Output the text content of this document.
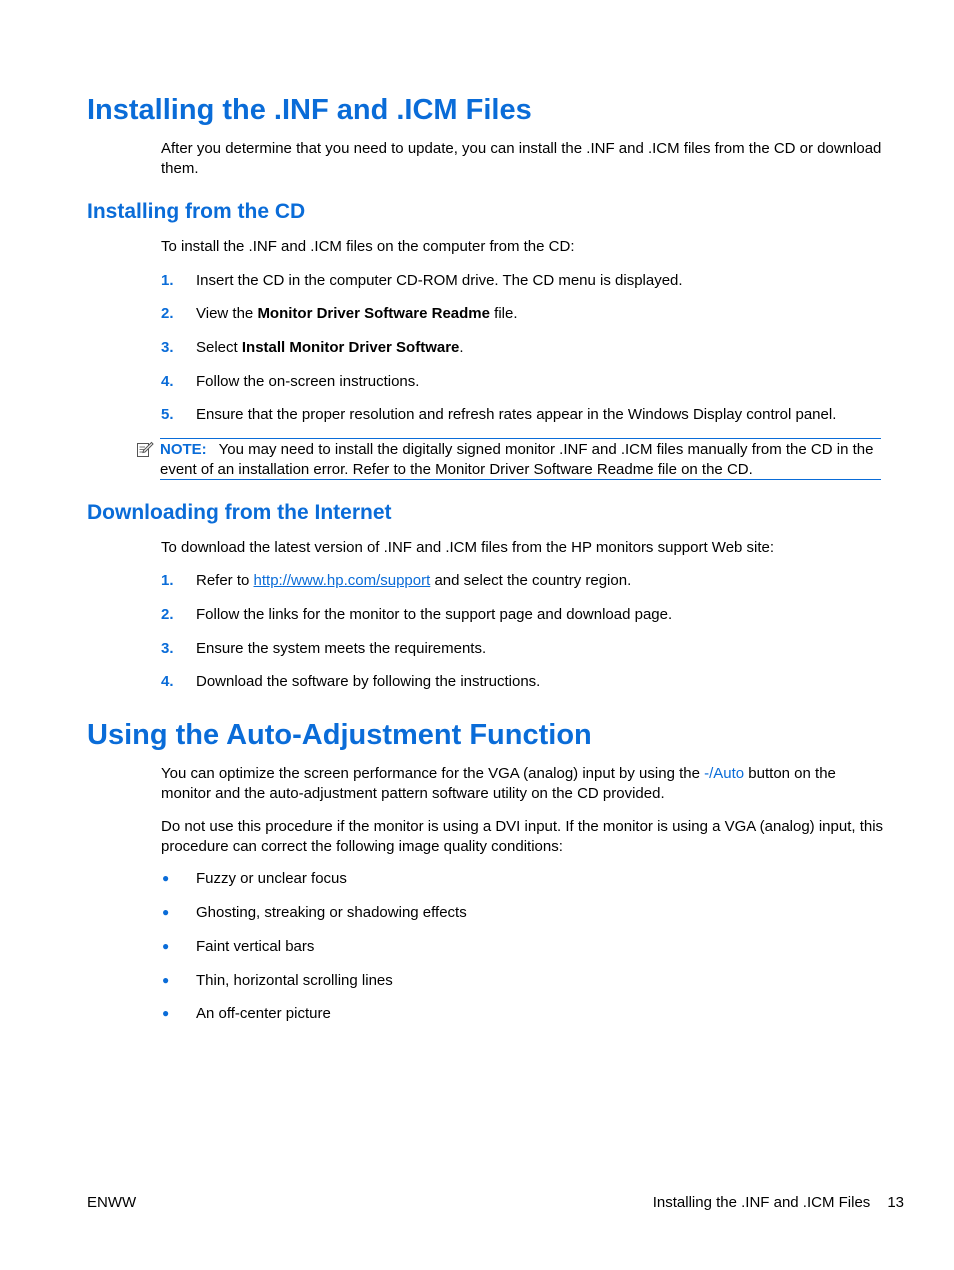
Installing the .INF and .ICM Files
After you determine that you need to update, you can install the .INF and .ICM files from the CD or download them.
Installing from the CD
To install the .INF and .ICM files on the computer from the CD:
1. Insert the CD in the computer CD-ROM drive. The CD menu is displayed.
2. View the Monitor Driver Software Readme file.
3. Select Install Monitor Driver Software.
4. Follow the on-screen instructions.
5. Ensure that the proper resolution and refresh rates appear in the Windows Display control panel.
NOTE: You may need to install the digitally signed monitor .INF and .ICM files manually from the CD in the event of an installation error. Refer to the Monitor Driver Software Readme file on the CD.
Downloading from the Internet
To download the latest version of .INF and .ICM files from the HP monitors support Web site:
1. Refer to http://www.hp.com/support and select the country region.
2. Follow the links for the monitor to the support page and download page.
3. Ensure the system meets the requirements.
4. Download the software by following the instructions.
Using the Auto-Adjustment Function
You can optimize the screen performance for the VGA (analog) input by using the -/Auto button on the monitor and the auto-adjustment pattern software utility on the CD provided.
Do not use this procedure if the monitor is using a DVI input. If the monitor is using a VGA (analog) input, this procedure can correct the following image quality conditions:
● Fuzzy or unclear focus
● Ghosting, streaking or shadowing effects
● Faint vertical bars
● Thin, horizontal scrolling lines
● An off-center picture
ENWW	Installing the .INF and .ICM Files 13
